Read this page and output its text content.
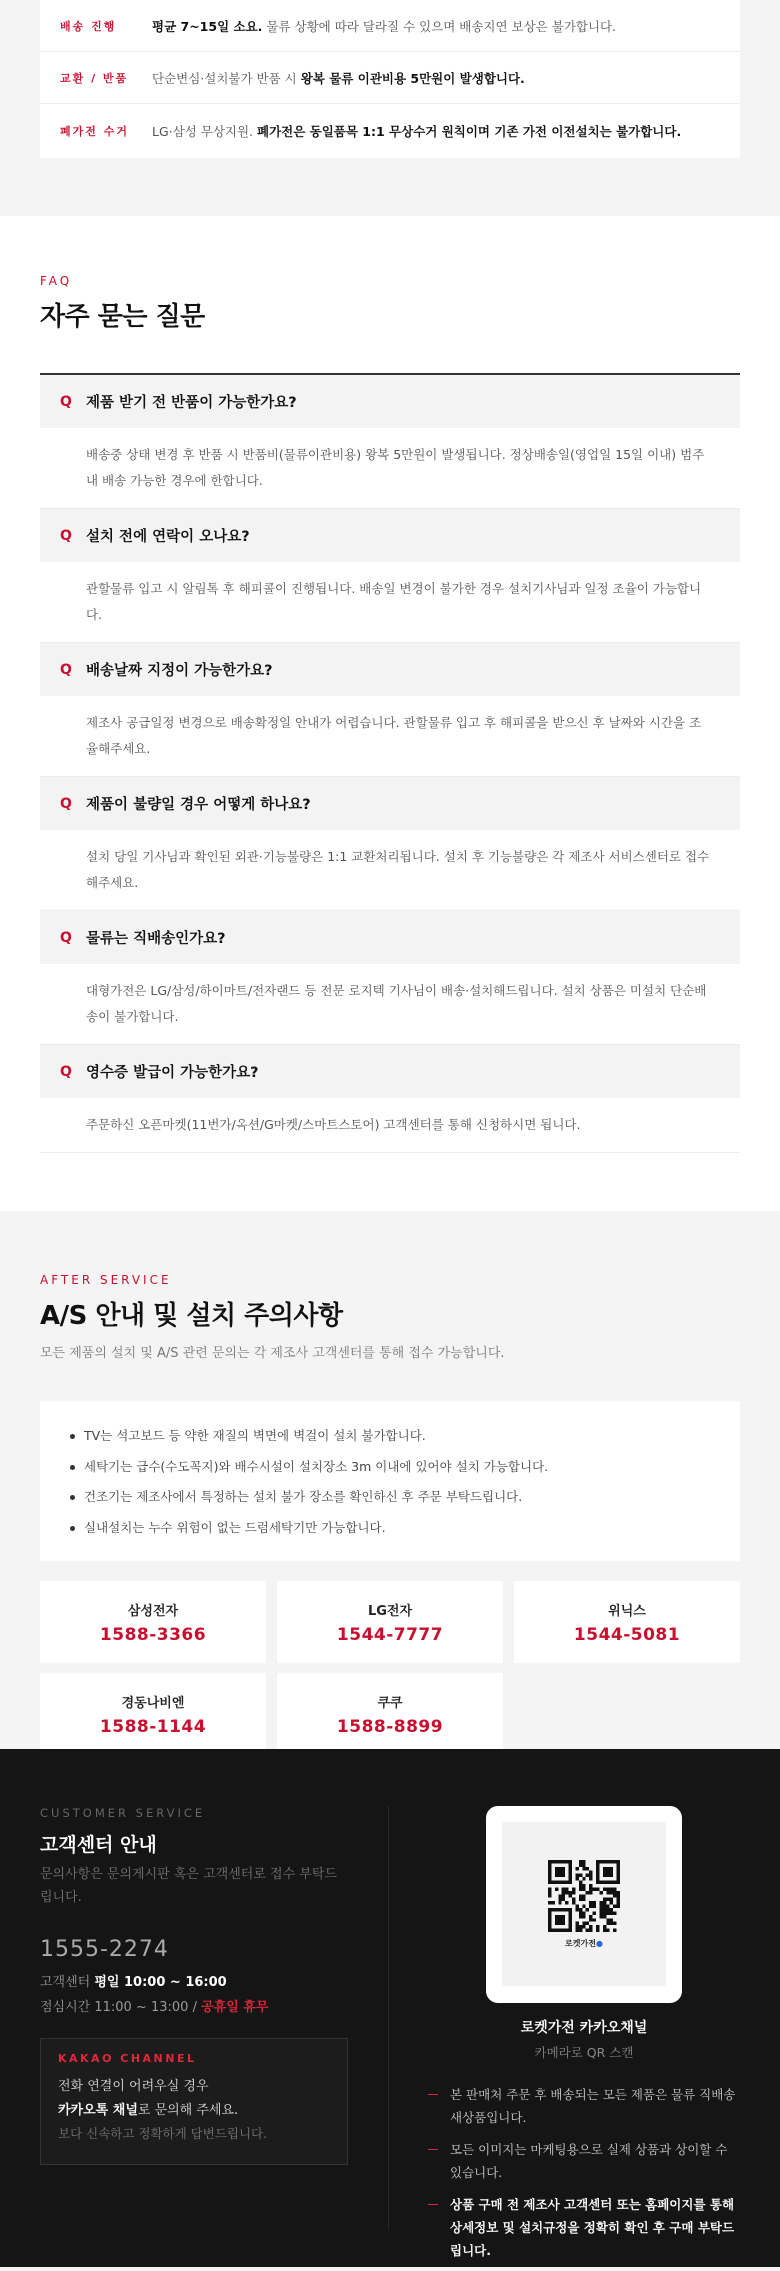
배송 진행	평균 7~15일 소요. 물류 상황에 따라 달라질 수 있으며 배송지연 보상은 불가합니다.
교환 / 반품	단순변심·설치불가 반품 시 왕복 물류 이관비용 5만원이 발생합니다.
폐가전 수거	LG·삼성 무상지원. 폐가전은 동일품목 1:1 무상수거 원칙이며 기존 가전 이전설치는 불가합니다.
FAQ
자주 묻는 질문
Q 제품 받기 전 반품이 가능한가요?
배송중 상태 변경 후 반품 시 반품비(물류이관비용) 왕복 5만원이 발생됩니다. 정상배송일(영업일 15일 이내) 범주 내 배송 가능한 경우에 한합니다.
Q 설치 전에 연락이 오나요?
관할물류 입고 시 알림톡 후 해피콜이 진행됩니다. 배송일 변경이 불가한 경우 설치기사님과 일정 조율이 가능합니다.
Q 배송날짜 지정이 가능한가요?
제조사 공급일정 변경으로 배송확정일 안내가 어렵습니다. 관할물류 입고 후 해피콜을 받으신 후 날짜와 시간을 조율해주세요.
Q 제품이 불량일 경우 어떻게 하나요?
설치 당일 기사님과 확인된 외관·기능불량은 1:1 교환처리됩니다. 설치 후 기능불량은 각 제조사 서비스센터로 접수해주세요.
Q 물류는 직배송인가요?
대형가전은 LG/삼성/하이마트/전자랜드 등 전문 로지텍 기사님이 배송·설치해드립니다. 설치 상품은 미설치 단순배송이 불가합니다.
Q 영수증 발급이 가능한가요?
주문하신 오픈마켓(11번가/옥션/G마켓/스마트스토어) 고객센터를 통해 신청하시면 됩니다.
AFTER SERVICE
A/S 안내 및 설치 주의사항

모든 제품의 설치 및 A/S 관련 문의는 각 제조사 고객센터를 통해 접수 가능합니다.

TV는 석고보드 등 약한 재질의 벽면에 벽걸이 설치 불가합니다.
세탁기는 급수(수도꼭지)와 배수시설이 설치장소 3m 이내에 있어야 설치 가능합니다.
건조기는 제조사에서 특정하는 설치 불가 장소를 확인하신 후 주문 부탁드립니다.
실내설치는 누수 위험이 없는 드럼세탁기만 가능합니다.
삼성전자
1588-3366
LG전자
1544-7777
위닉스
1544-5081
경동나비엔
1588-1144
쿠쿠
1588-8899
CUSTOMER SERVICE
고객센터 안내
문의사항은 문의게시판 혹은 고객센터로 접수 부탁드립니다.
1555-2274
고객센터 평일 10:00 ~ 16:00
점심시간 11:00 ~ 13:00 / 공휴일 휴무
KAKAO CHANNEL
전화 연결이 어려우실 경우
카카오톡 채널로 문의해 주세요.
보다 신속하고 정확하게 답변드립니다.
로켓가전●
로켓가전 카카오채널
카메라로 QR 스캔
본 판매처 주문 후 배송되는 모든 제품은 물류 직배송 새상품입니다.
모든 이미지는 마케팅용으로 실제 상품과 상이할 수 있습니다.
상품 구매 전 제조사 고객센터 또는 홈페이지를 통해 상세정보 및 설치규정을 정확히 확인 후 구매 부탁드립니다.
